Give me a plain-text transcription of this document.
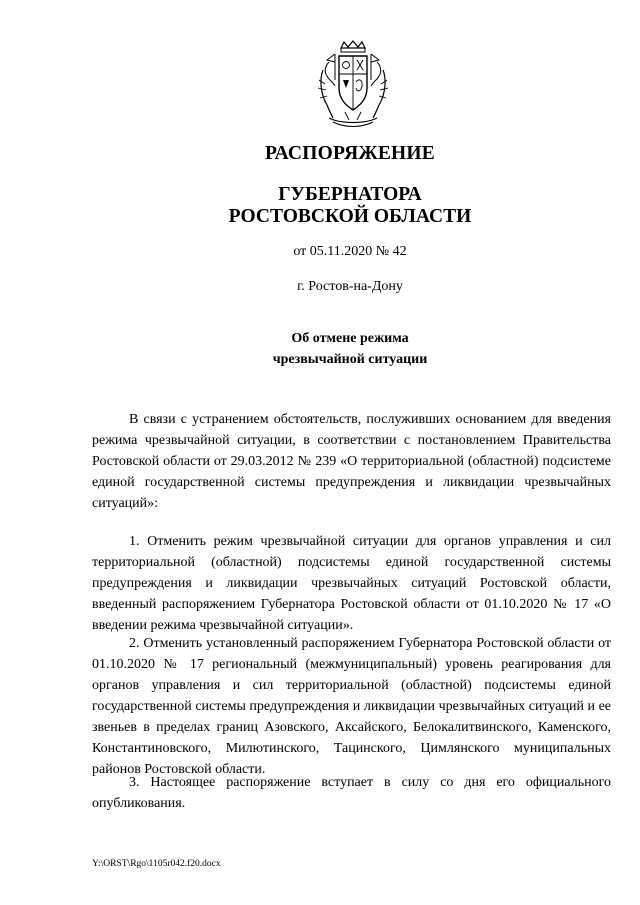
РАСПОРЯЖЕНИЕ
ГУБЕРНАТОРА
РОСТОВСКОЙ ОБЛАСТИ
от 05.11.2020 № 42
г. Ростов-на-Дону
Об отмене режима
чрезвычайной ситуации

В связи с устранением обстоятельств, послуживших основанием для введения режима чрезвычайной ситуации, в соответствии с постановлением Правительства Ростовской области от 29.03.2012 № 239 «О территориальной (областной) подсистеме единой государственной системы предупреждения и ликвидации чрезвычайных ситуаций»:

1. Отменить режим чрезвычайной ситуации для органов управления и сил территориальной (областной) подсистемы единой государственной системы предупреждения и ликвидации чрезвычайных ситуаций Ростовской области, введенный распоряжением Губернатора Ростовской области от 01.10.2020 № 17 «О введении режима чрезвычайной ситуации».

2. Отменить установленный распоряжением Губернатора Ростовской области от 01.10.2020 № 17 региональный (межмуниципальный) уровень реагирования для органов управления и сил территориальной (областной) подсистемы единой государственной системы предупреждения и ликвидации чрезвычайных ситуаций и ее звеньев в пределах границ Азовского, Аксайского, Белокалитвинского, Каменского, Константиновского, Милютинского, Тацинского, Цимлянского муниципальных районов Ростовской области.

3. Настоящее распоряжение вступает в силу со дня его официального опубликования.

Y:\ORST\Rgo\1105r042.f20.docx
